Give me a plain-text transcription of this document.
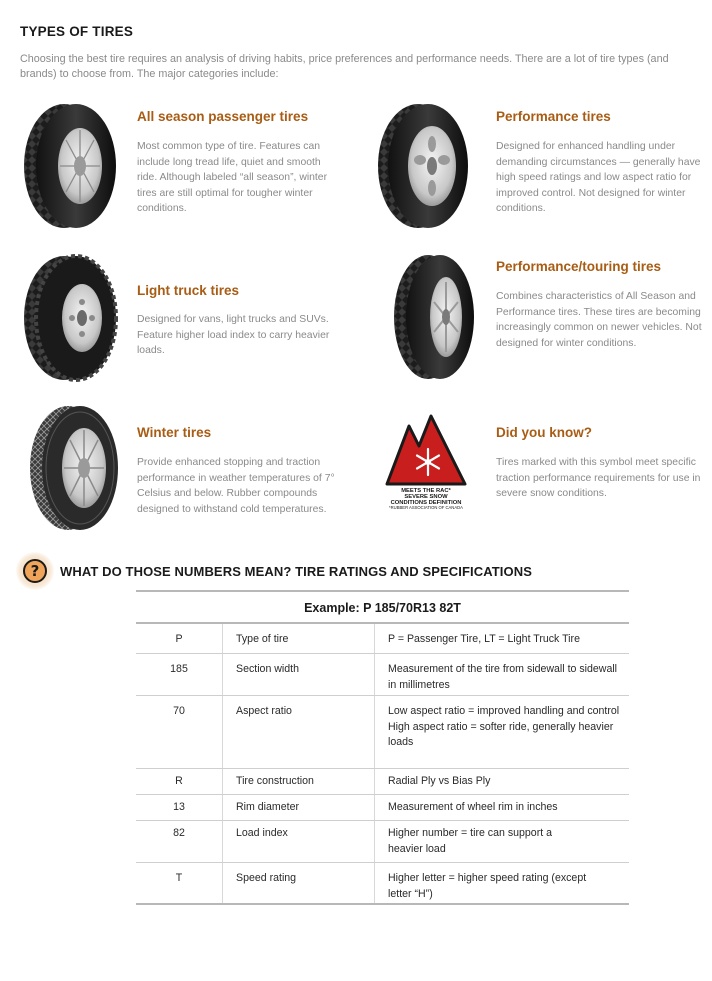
TYPES OF TIRES
Choosing the best tire requires an analysis of driving habits, price preferences and performance needs. There are a lot of tire types (and brands) to choose from. The major categories include:
All season passenger tires
Most common type of tire. Features can include long tread life, quiet and smooth ride. Although labeled “all season”, winter tires are still optimal for tougher winter conditions.
Performance tires
Designed for enhanced handling under demanding circumstances — generally have high speed ratings and low aspect ratio for improved control. Not designed for winter conditions.
Light truck tires
Designed for vans, light trucks and SUVs. Feature higher load index to carry heavier loads.
Performance/touring tires
Combines characteristics of All Season and Performance tires. These tires are becoming increasingly common on newer vehicles. Not designed for winter conditions.
Winter tires
Provide enhanced stopping and traction performance in weather temperatures of 7° Celsius and below. Rubber compounds designed to withstand cold temperatures.
MEETS THE RAC*
SEVERE SNOW
CONDITIONS DEFINITION
*RUBBER ASSOCIATION OF CANADA
Did you know?
Tires marked with this symbol meet specific traction performance requirements for use in severe snow conditions.
?	WHAT DO THOSE NUMBERS MEAN? TIRE RATINGS AND SPECIFICATIONS
Example: P 185/70R13 82T
P	Type of tire	P = Passenger Tire, LT = Light Truck Tire
185	Section width	Measurement of the tire from sidewall to sidewall in millimetres
70	Aspect ratio	Low aspect ratio = improved handling and control
High aspect ratio = softer ride, generally heavier loads
R	Tire construction	Radial Ply vs Bias Ply
13	Rim diameter	Measurement of wheel rim in inches
82	Load index	Higher number = tire can support a heavier load
T	Speed rating	Higher letter = higher speed rating (except letter “H”)
